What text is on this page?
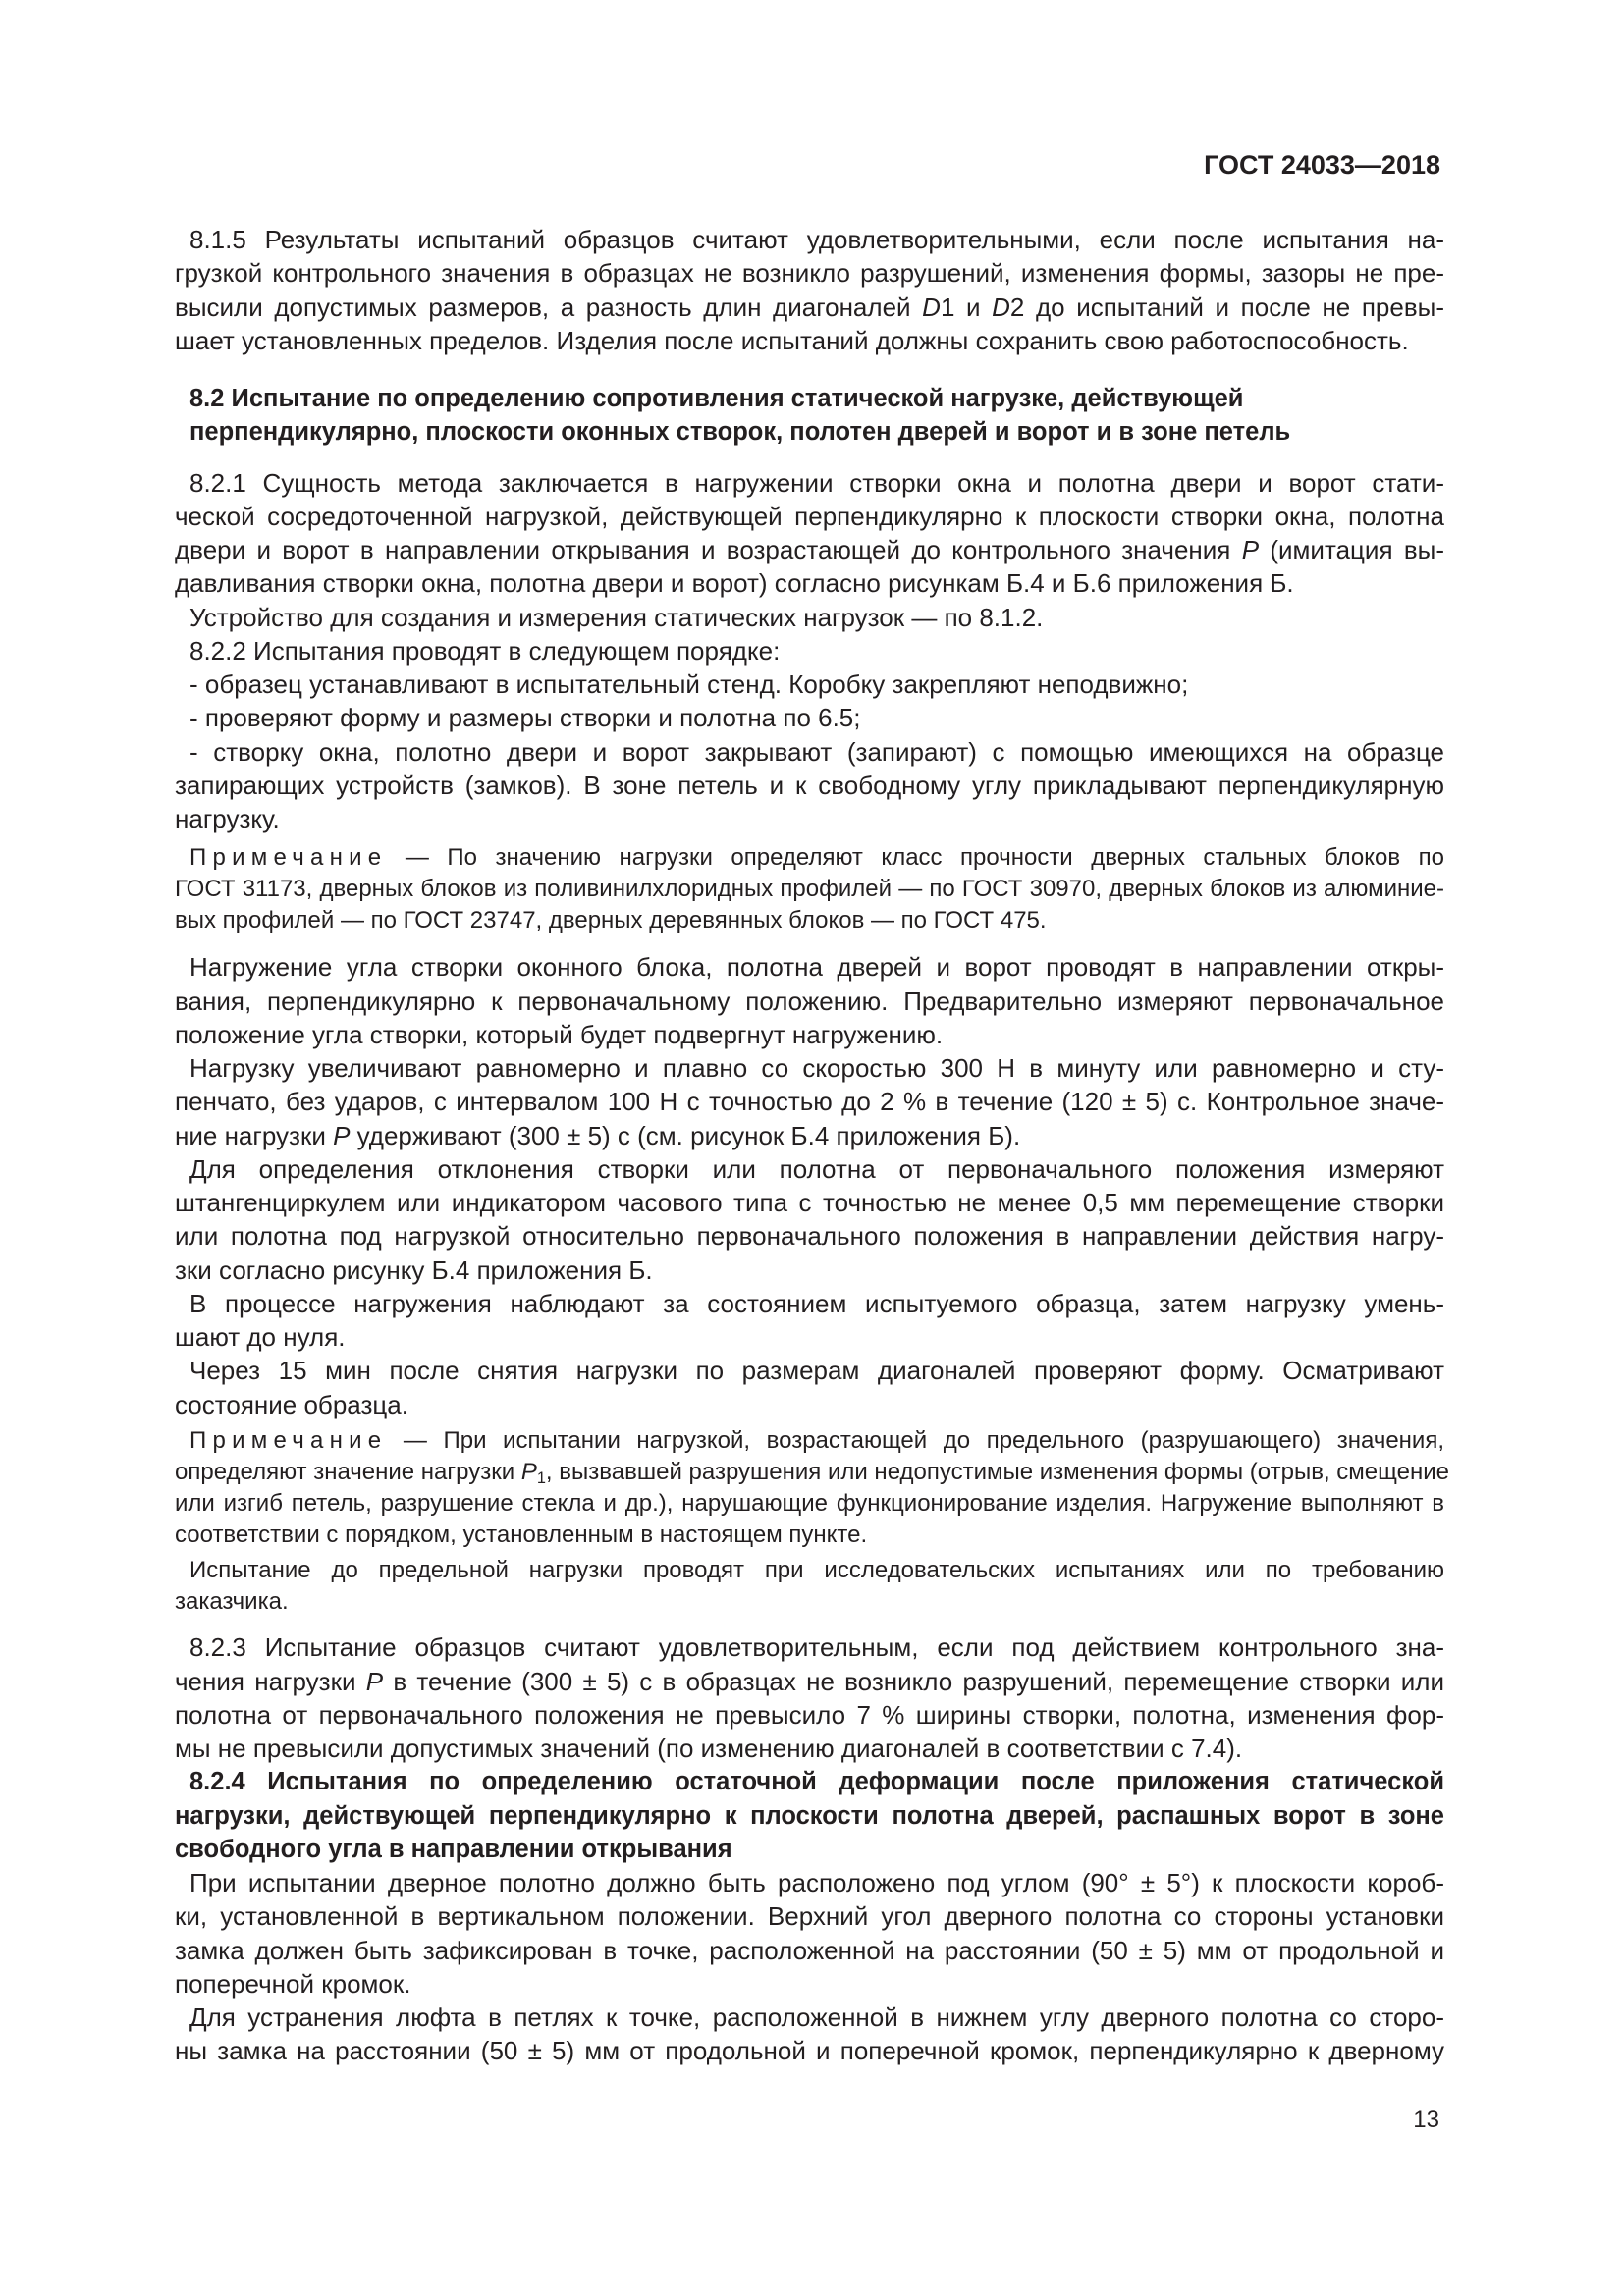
ГОСТ 24033—2018
8.1.5 Результаты испытаний образцов считают удовлетворительными, если после испытания на-
грузкой контрольного значения в образцах не возникло разрушений, изменения формы, зазоры не пре-
высили допустимых размеров, а разность длин диагоналей D1 и D2 до испытаний и после не превы-
шает установленных пределов. Изделия после испытаний должны сохранить свою работоспособность.
8.2 Испытание по определению сопротивления статической нагрузке, действующей
перпендикулярно, плоскости оконных створок, полотен дверей и ворот и в зоне петель
8.2.1 Сущность метода заключается в нагружении створки окна и полотна двери и ворот стати-
ческой сосредоточенной нагрузкой, действующей перпендикулярно к плоскости створки окна, полотна
двери и ворот в направлении открывания и возрастающей до контрольного значения P (имитация вы-
давливания створки окна, полотна двери и ворот) согласно рисункам Б.4 и Б.6 приложения Б.
Устройство для создания и измерения статических нагрузок — по 8.1.2.
8.2.2 Испытания проводят в следующем порядке:
- образец устанавливают в испытательный стенд. Коробку закрепляют неподвижно;
- проверяют форму и размеры створки и полотна по 6.5;
- створку окна, полотно двери и ворот закрывают (запирают) с помощью имеющихся на образце
запирающих устройств (замков). В зоне петель и к свободному углу прикладывают перпендикулярную
нагрузку.
Примечание — По значению нагрузки определяют класс прочности дверных стальных блоков по
ГОСТ 31173, дверных блоков из поливинилхлоридных профилей — по ГОСТ 30970, дверных блоков из алюминие-
вых профилей — по ГОСТ 23747, дверных деревянных блоков — по ГОСТ 475.
Нагружение угла створки оконного блока, полотна дверей и ворот проводят в направлении откры-
вания, перпендикулярно к первоначальному положению. Предварительно измеряют первоначальное
положение угла створки, который будет подвергнут нагружению.
Нагрузку увеличивают равномерно и плавно со скоростью 300 Н в минуту или равномерно и сту-
пенчато, без ударов, с интервалом 100 Н с точностью до 2 % в течение (120 ± 5) с. Контрольное значе-
ние нагрузки P удерживают (300 ± 5) с (см. рисунок Б.4 приложения Б).
Для определения отклонения створки или полотна от первоначального положения измеряют
штангенциркулем или индикатором часового типа с точностью не менее 0,5 мм перемещение створки
или полотна под нагрузкой относительно первоначального положения в направлении действия нагру-
зки согласно рисунку Б.4 приложения Б.
В процессе нагружения наблюдают за состоянием испытуемого образца, затем нагрузку умень-
шают до нуля.
Через 15 мин после снятия нагрузки по размерам диагоналей проверяют форму. Осматривают
состояние образца.
Примечание — При испытании нагрузкой, возрастающей до предельного (разрушающего) значения,
определяют значение нагрузки P1, вызвавшей разрушения или недопустимые изменения формы (отрыв, смещение
или изгиб петель, разрушение стекла и др.), нарушающие функционирование изделия. Нагружение выполняют в
соответствии с порядком, установленным в настоящем пункте.
Испытание до предельной нагрузки проводят при исследовательских испытаниях или по требованию
заказчика.
8.2.3 Испытание образцов считают удовлетворительным, если под действием контрольного зна-
чения нагрузки P в течение (300 ± 5) с в образцах не возникло разрушений, перемещение створки или
полотна от первоначального положения не превысило 7 % ширины створки, полотна, изменения фор-
мы не превысили допустимых значений (по изменению диагоналей в соответствии с 7.4).
8.2.4 Испытания по определению остаточной деформации после приложения статической
нагрузки, действующей перпендикулярно к плоскости полотна дверей, распашных ворот в зоне
свободного угла в направлении открывания
При испытании дверное полотно должно быть расположено под углом (90° ± 5°) к плоскости короб-
ки, установленной в вертикальном положении. Верхний угол дверного полотна со стороны установки
замка должен быть зафиксирован в точке, расположенной на расстоянии (50 ± 5) мм от продольной и
поперечной кромок.
Для устранения люфта в петлях к точке, расположенной в нижнем углу дверного полотна со сторо-
ны замка на расстоянии (50 ± 5) мм от продольной и поперечной кромок, перпендикулярно к дверному
13
